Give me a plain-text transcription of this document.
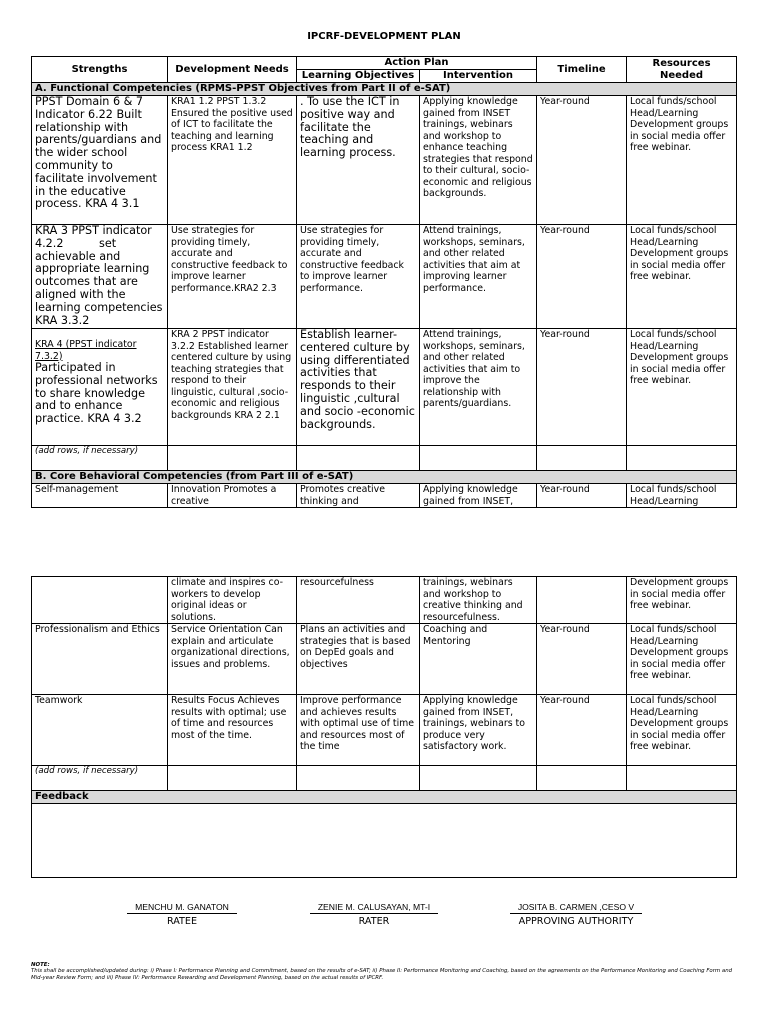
IPCRF-DEVELOPMENT PLAN
Strengths	Development Needs	Action Plan		Timeline	Resources Needed
		Learning Objectives	Intervention		
A. Functional Competencies (RPMS-PPST Objectives from Part II of e-SAT)					
PPST Domain 6 & 7 Indicator 6.22 Built relationship with parents/guardians and the wider school community to facilitate involvement in the educative process. KRA 4 3.1	KRA1 1.2 PPST 1.3.2 Ensured the positive used of ICT to facilitate the teaching and learning process KRA1 1.2	. To use the ICT in positive way and facilitate the teaching and learning process.	Applying knowledge gained from INSET trainings, webinars and workshop to enhance teaching strategies that respond to their cultural, socio-economic and religious backgrounds.	Year-round	Local funds/school Head/Learning Development groups in social media offer free webinar.
KRA 3 PPST indicator 4.2.2          set achievable and appropriate learning outcomes that are aligned with the learning competencies KRA 3.3.2	Use strategies for providing timely, accurate and constructive feedback to improve learner performance.KRA2 2.3	Use strategies for providing timely, accurate and constructive feedback to improve learner performance.	Attend trainings, workshops, seminars, and other related activities that aim at improving learner performance.	Year-round	Local funds/school Head/Learning Development groups in social media offer free webinar.

KRA 4 (PPST indicator 7.3.2)
Participated in professional networks to share knowledge and to enhance practice. KRA 4 3.2	KRA 2 PPST indicator 3.2.2 Established learner centered culture by using teaching strategies that respond to their linguistic, cultural ,socio-economic and religious backgrounds KRA 2 2.1	Establish learner-centered culture by using differentiated activities that responds to their linguistic ,cultural and socio -economic backgrounds.	Attend trainings, workshops, seminars, and other related activities that aim to improve the relationship with parents/guardians.	Year-round	Local funds/school Head/Learning Development groups in social media offer free webinar.
(add rows, if necessary)					
B. Core Behavioral Competencies (from Part III of e-SAT)					
Self-management	Innovation Promotes a creative	Promotes creative thinking and	Applying knowledge gained from INSET,	Year-round	Local funds/school Head/Learning
	climate and inspires co-workers to develop original ideas or solutions.	resourcefulness	trainings, webinars and workshop to creative thinking and resourcefulness.		Development groups in social media offer free webinar.
Professionalism and Ethics	Service Orientation Can explain and articulate organizational directions, issues and problems.	Plans an activities and strategies that is based on DepEd goals and objectives	Coaching and Mentoring	Year-round	Local funds/school Head/Learning Development groups in social media offer free webinar.
Teamwork	Results Focus Achieves results with optimal; use of time and resources most of the time.	Improve performance and achieves results with optimal use of time and resources most of the time	Applying knowledge gained from INSET, trainings, webinars to produce very satisfactory work.	Year-round	Local funds/school Head/Learning Development groups in social media offer free webinar.
(add rows, if necessary)					
Feedback					

MENCHU M. GANATON
RATEE
ZENIE M. CALUSAYAN, MT-I
RATER
JOSITA B. CARMEN ,CESO V
APPROVING AUTHORITY
NOTE:
This shall be accomplished/updated during: i) Phase I: Performance Planning and Commitment, based on the results of e-SAT; ii) Phase II: Performance Monitoring and Coaching, based on the agreements on the Performance Monitoring and Coaching Form and Mid-year Review Form; and iii) Phase IV: Performance Rewarding and Development Planning, based on the actual results of IPCRF.
